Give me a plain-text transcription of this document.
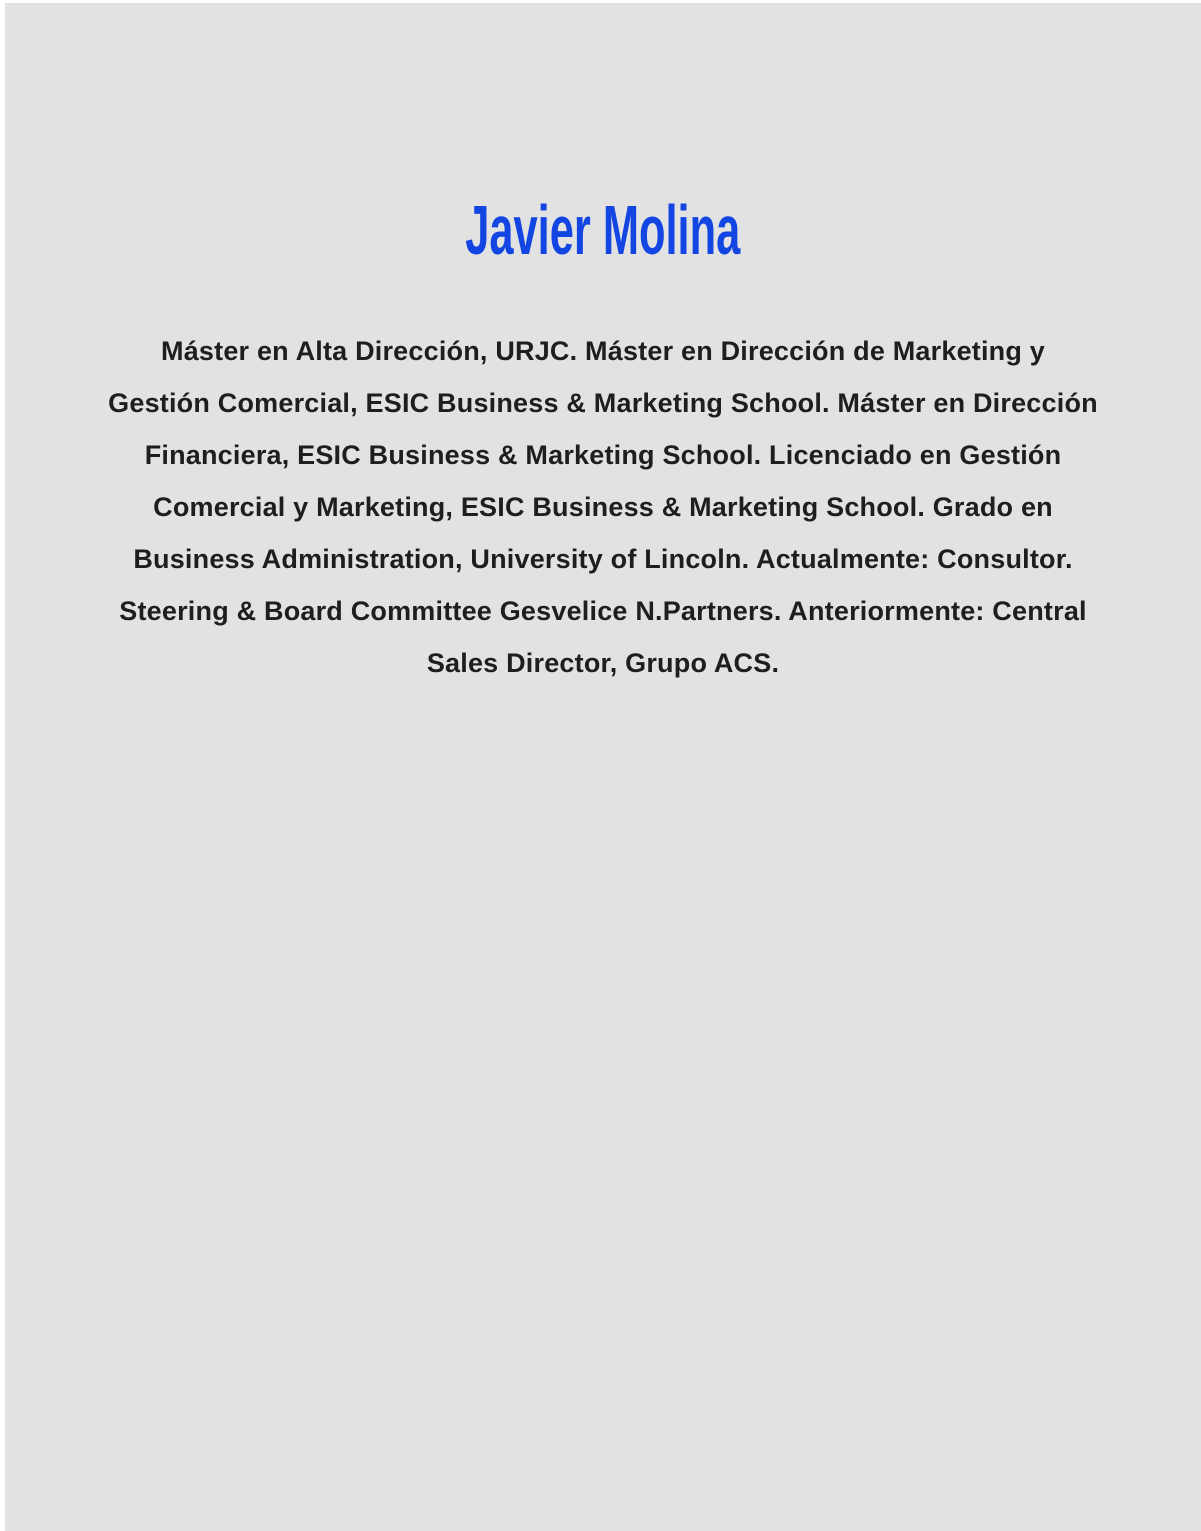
Javier Molina
Máster en Alta Dirección, URJC. Máster en Dirección de Marketing y
Gestión Comercial, ESIC Business & Marketing School. Máster en Dirección
Financiera, ESIC Business & Marketing School. Licenciado en Gestión
Comercial y Marketing, ESIC Business & Marketing School. Grado en
Business Administration, University of Lincoln. Actualmente: Consultor.
Steering & Board Committee Gesvelice N.Partners. Anteriormente: Central
Sales Director, Grupo ACS.
